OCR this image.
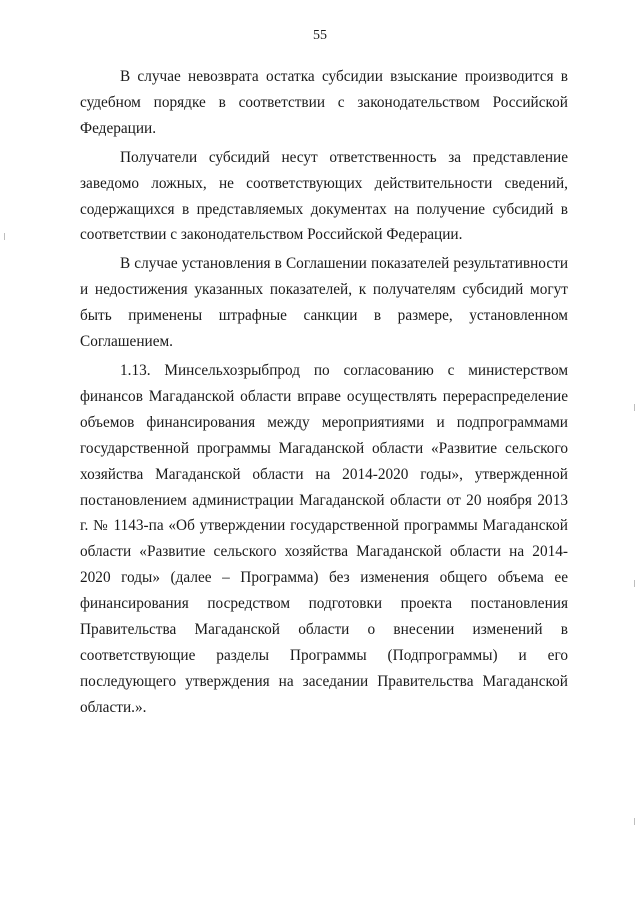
55

В случае невозврата остатка субсидии взыскание производится в судебном порядке в соответствии с законодательством Российской Федерации.

Получатели субсидий несут ответственность за представление заведомо ложных, не соответствующих действительности сведений, содержащихся в представляемых документах на получение субсидий в соответствии с законодательством Российской Федерации.

В случае установления в Соглашении показателей результативности и недостижения указанных показателей, к получателям субсидий могут быть применены штрафные санкции в размере, установленном Соглашением.

1.13. Минсельхозрыбпрод по согласованию с министерством финансов Магаданской области вправе осуществлять перераспределение объемов финансирования между мероприятиями и подпрограммами государственной программы Магаданской области «Развитие сельского хозяйства Магаданской области на 2014-2020 годы», утвержденной постановлением администрации Магаданской области от 20 ноября 2013 г. № 1143-па «Об утверждении государственной программы Магаданской области «Развитие сельского хозяйства Магаданской области на 2014-2020 годы» (далее – Программа) без изменения общего объема ее финансирования посредством подготовки проекта постановления Правительства Магаданской области о внесении изменений в соответствующие разделы Программы (Подпрограммы) и его последующего утверждения на заседании Правительства Магаданской области.».
